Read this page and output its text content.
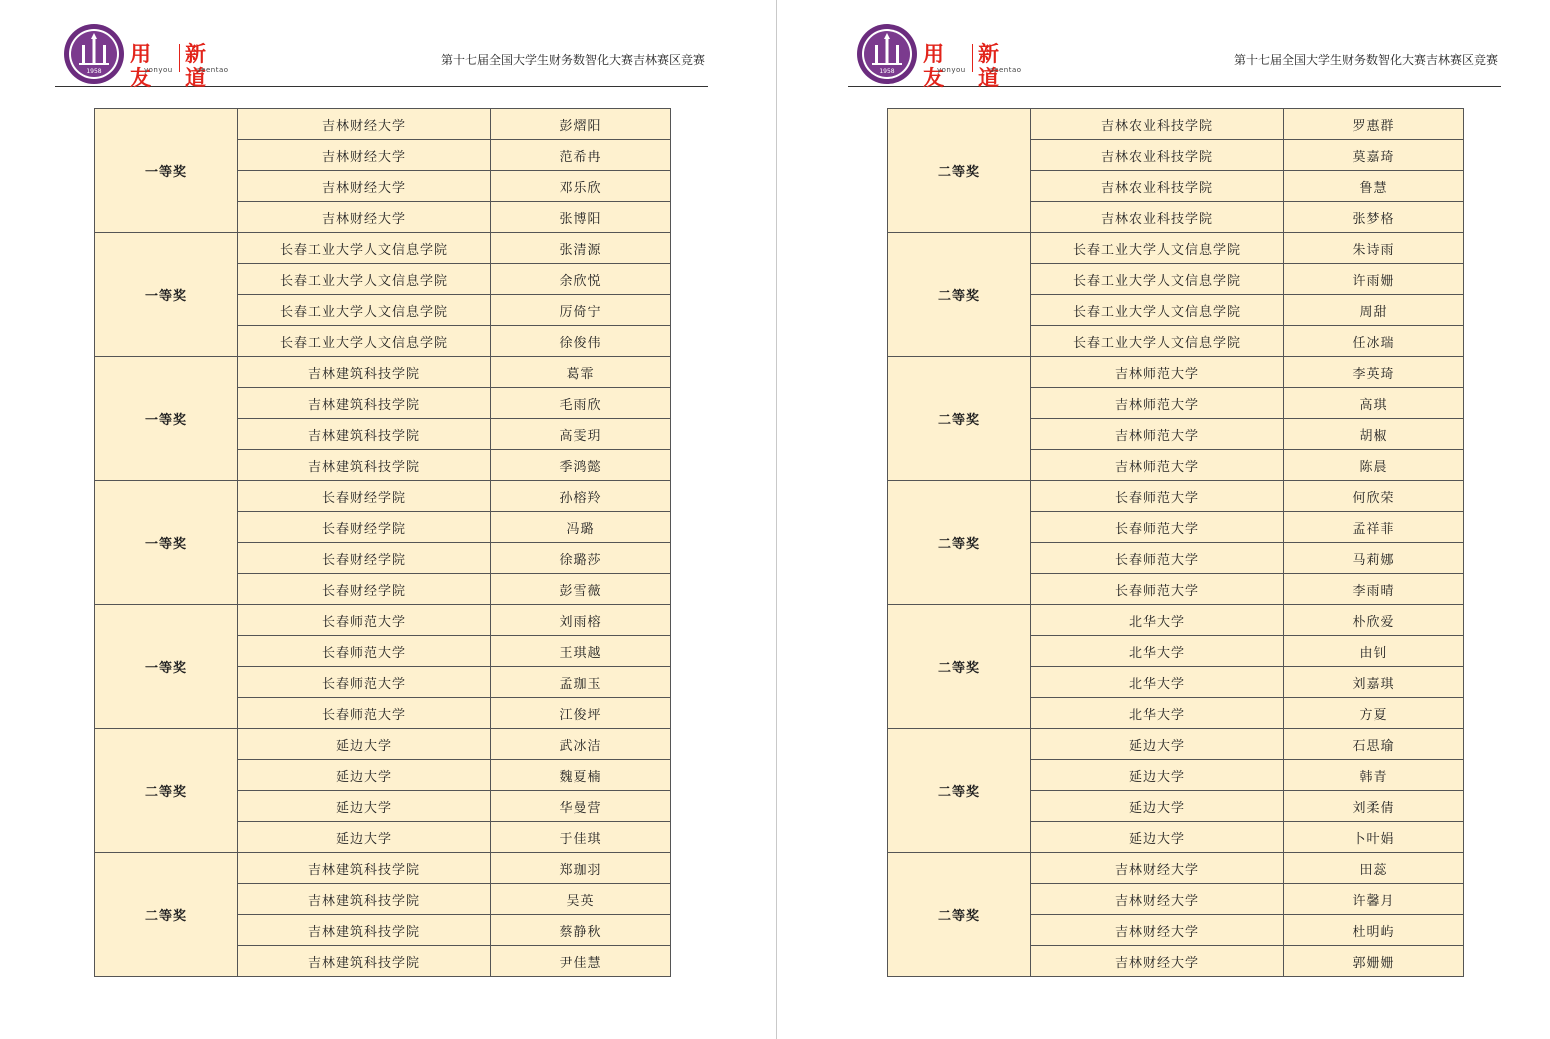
1958
用友
yonyou
新道
seentao
第十七届全国大学生财务数智化大赛吉林赛区竞赛
一等奖	吉林财经大学	彭熠阳
	吉林财经大学	范希冉
	吉林财经大学	邓乐欣
	吉林财经大学	张博阳
一等奖	长春工业大学人文信息学院	张清源
	长春工业大学人文信息学院	余欣悦
	长春工业大学人文信息学院	厉倚宁
	长春工业大学人文信息学院	徐俊伟
一等奖	吉林建筑科技学院	葛霏
	吉林建筑科技学院	毛雨欣
	吉林建筑科技学院	高雯玥
	吉林建筑科技学院	季鸿懿
一等奖	长春财经学院	孙榕羚
	长春财经学院	冯璐
	长春财经学院	徐璐莎
	长春财经学院	彭雪薇
一等奖	长春师范大学	刘雨榕
	长春师范大学	王琪越
	长春师范大学	孟珈玉
	长春师范大学	江俊坪
二等奖	延边大学	武冰洁
	延边大学	魏夏楠
	延边大学	华曼营
	延边大学	于佳琪
二等奖	吉林建筑科技学院	郑珈羽
	吉林建筑科技学院	吴英
	吉林建筑科技学院	蔡静秋
	吉林建筑科技学院	尹佳慧
1958
用友
yonyou
新道
seentao
第十七届全国大学生财务数智化大赛吉林赛区竞赛
二等奖	吉林农业科技学院	罗惠群
	吉林农业科技学院	莫嘉琦
	吉林农业科技学院	鲁慧
	吉林农业科技学院	张梦格
二等奖	长春工业大学人文信息学院	朱诗雨
	长春工业大学人文信息学院	许雨姗
	长春工业大学人文信息学院	周甜
	长春工业大学人文信息学院	任冰瑞
二等奖	吉林师范大学	李英琦
	吉林师范大学	高琪
	吉林师范大学	胡椒
	吉林师范大学	陈晨
二等奖	长春师范大学	何欣荣
	长春师范大学	孟祥菲
	长春师范大学	马莉娜
	长春师范大学	李雨晴
二等奖	北华大学	朴欣爱
	北华大学	由钊
	北华大学	刘嘉琪
	北华大学	方夏
二等奖	延边大学	石思瑜
	延边大学	韩青
	延边大学	刘柔倩
	延边大学	卜叶娟
二等奖	吉林财经大学	田蕊
	吉林财经大学	许馨月
	吉林财经大学	杜明屿
	吉林财经大学	郭姗姗
